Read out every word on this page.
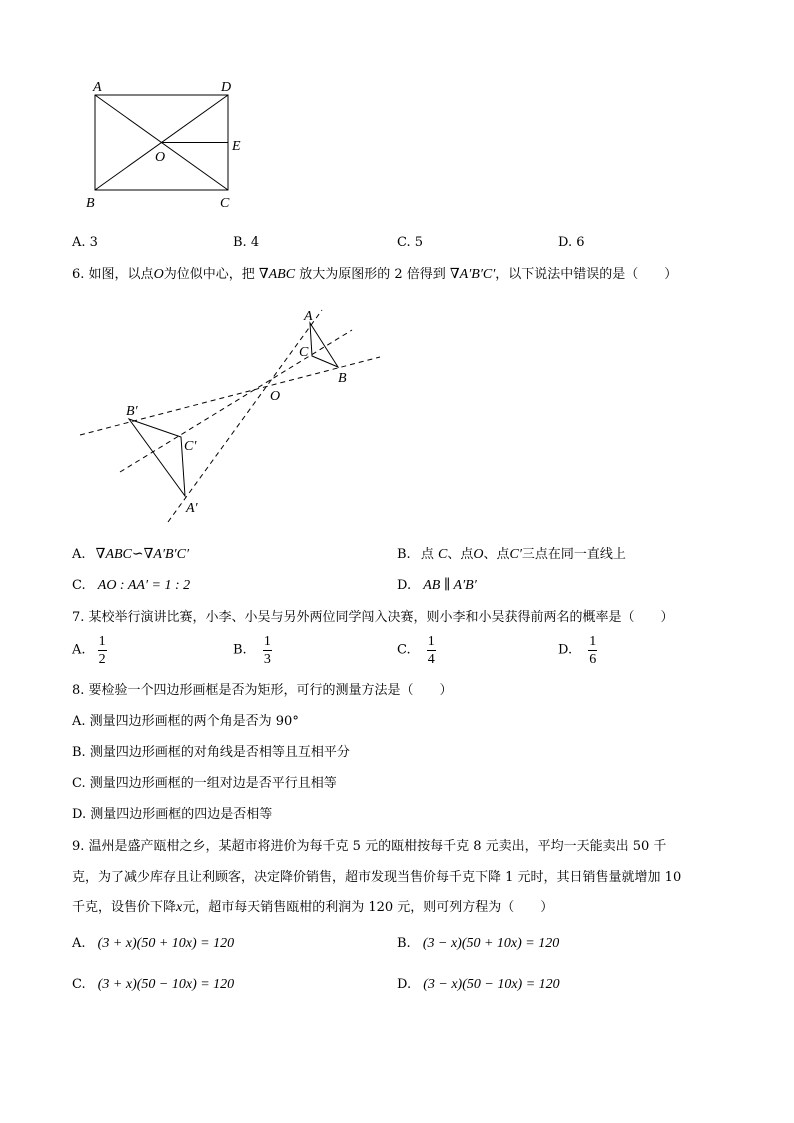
A	D
O
E
B	C
A. 3	B. 4	C. 5	D. 6
6. 如图，以点O为位似中心，把 ∇ABC 放大为原图形的 2 倍得到 ∇A′B′C′，以下说法中错误的是（　　）
A
C
B
O
B′
C′
A′
A. ∇ABC∽∇A′B′C′	B. 点 C、点O、点C′三点在同一直线上
C. AO : AA′ = 1 : 2	D. AB ∥ A′B′
7. 某校举行演讲比赛，小李、小吴与另外两位同学闯入决赛，则小李和小吴获得前两名的概率是（　　）
A. $\frac{1}{2}$	B. $\frac{1}{3}$	C. $\frac{1}{4}$	D. $\frac{1}{6}$
8. 要检验一个四边形画框是否为矩形，可行的测量方法是（　　）
A. 测量四边形画框的两个角是否为 90°
B. 测量四边形画框的对角线是否相等且互相平分
C. 测量四边形画框的一组对边是否平行且相等
D. 测量四边形画框的四边是否相等
9. 温州是盛产瓯柑之乡，某超市将进价为每千克 5 元的瓯柑按每千克 8 元卖出，平均一天能卖出 50 千
克，为了减少库存且让利顾客，决定降价销售，超市发现当售价每千克下降 1 元时，其日销售量就增加 10
千克，设售价下降x元，超市每天销售瓯柑的利润为 120 元，则可列方程为（　　）
A. (3 + x)(50 + 10x) = 120	B. (3 − x)(50 + 10x) = 120
C. (3 + x)(50 − 10x) = 120	D. (3 − x)(50 − 10x) = 120
